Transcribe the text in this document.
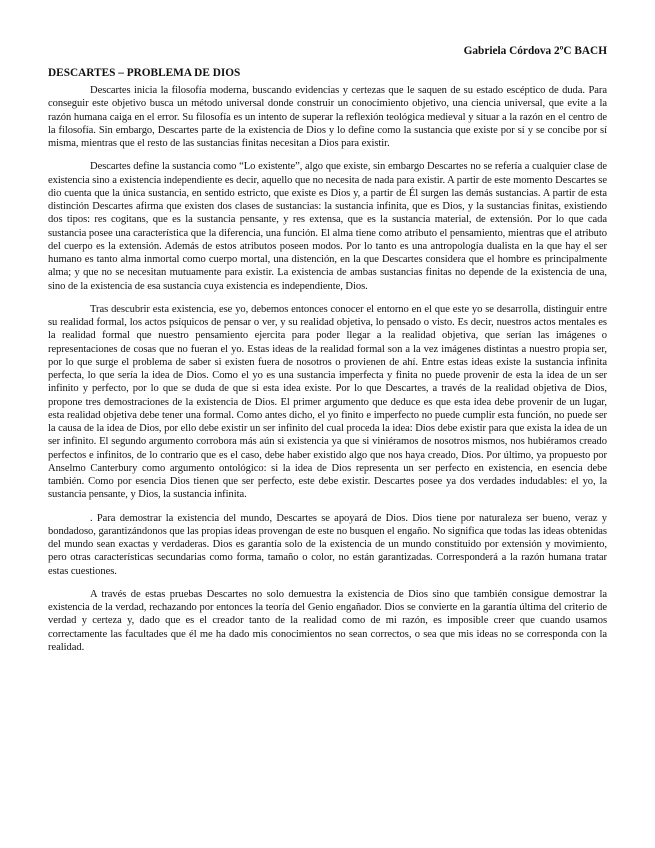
Gabriela Córdova 2ºC BACH
DESCARTES – PROBLEMA DE DIOS

Descartes inicia la filosofía moderna, buscando evidencias y certezas que le saquen de su estado escéptico de duda. Para conseguir este objetivo busca un método universal donde construir un conocimiento objetivo, una ciencia universal, que evite a la razón humana caiga en el error. Su filosofía es un intento de superar la reflexión teológica medieval y situar a la razón en el centro de la filosofía. Sin embargo, Descartes parte de la existencia de Dios y lo define como la sustancia que existe por sí y se concibe por sí misma, mientras que el resto de las sustancias finitas necesitan a Dios para existir.

Descartes define la sustancia como “Lo existente”, algo que existe, sin embargo Descartes no se refería a cualquier clase de existencia sino a existencia independiente es decir, aquello que no necesita de nada para existir. A partir de este momento Descartes se dio cuenta que la única sustancia, en sentido estricto, que existe es Dios y, a partir de Él surgen las demás sustancias. A partir de esta distinción Descartes afirma que existen dos clases de sustancias: la sustancia infinita, que es Dios, y la sustancias finitas, existiendo dos tipos: res cogitans, que es la sustancia pensante, y res extensa, que es la sustancia material, de extensión. Por lo que cada sustancia posee una característica que la diferencia, una función. El alma tiene como atributo el pensamiento, mientras que el atributo del cuerpo es la extensión. Además de estos atributos poseen modos. Por lo tanto es una antropología dualista en la que hay el ser humano es tanto alma inmortal como cuerpo mortal, una distención, en la que Descartes considera que el hombre es principalmente alma; y que no se necesitan mutuamente para existir. La existencia de ambas sustancias finitas no depende de la existencia de una, sino de la existencia de esa sustancia cuya existencia es independiente, Dios.

Tras descubrir esta existencia, ese yo, debemos entonces conocer el entorno en el que este yo se desarrolla, distinguir entre su realidad formal, los actos psíquicos de pensar o ver, y su realidad objetiva, lo pensado o visto. Es decir, nuestros actos mentales es la realidad formal que nuestro pensamiento ejercita para poder llegar a la realidad objetiva, que serían las imágenes o representaciones de cosas que no fueran el yo. Estas ideas de la realidad formal son a la vez imágenes distintas a nuestro propia ser, por lo que surge el problema de saber si existen fuera de nosotros o provienen de ahí. Entre estas ideas existe la sustancia infinita perfecta, lo que sería la idea de Dios. Como el yo es una sustancia imperfecta y finita no puede provenir de esta la idea de un ser infinito y perfecto, por lo que se duda de que si esta idea existe. Por lo que Descartes, a través de la realidad objetiva de Dios, propone tres demostraciones de la existencia de Dios. El primer argumento que deduce es que esta idea debe provenir de un lugar, esta realidad objetiva debe tener una formal. Como antes dicho, el yo finito e imperfecto no puede cumplir esta función, no puede ser la causa de la idea de Dios, por ello debe existir un ser infinito del cual proceda la idea: Dios debe existir para que exista la idea de un ser infinito. El segundo argumento corrobora más aún si existencia ya que si viniéramos de nosotros mismos, nos hubiéramos creado perfectos e infinitos, de lo contrario que es el caso, debe haber existido algo que nos haya creado, Dios. Por último, ya propuesto por Anselmo Canterbury como argumento ontológico: si la idea de Dios representa un ser perfecto en existencia, en esencia debe también. Como por esencia Dios tienen que ser perfecto, este debe existir. Descartes posee ya dos verdades indudables: el yo, la sustancia pensante, y Dios, la sustancia infinita.

. Para demostrar la existencia del mundo, Descartes se apoyará de Dios. Dios tiene por naturaleza ser bueno, veraz y bondadoso, garantizándonos que las propias ideas provengan de este no busquen el engaño. No significa que todas las ideas obtenidas del mundo sean exactas y verdaderas. Dios es garantía solo de la existencia de un mundo constituido por extensión y movimiento, pero otras características secundarias como forma, tamaño o color, no están garantizadas. Corresponderá a la razón humana tratar estas cuestiones.

A través de estas pruebas Descartes no solo demuestra la existencia de Dios sino que también consigue demostrar la existencia de la verdad, rechazando por entonces la teoría del Genio engañador. Dios se convierte en la garantía última del criterio de verdad y certeza y, dado que es el creador tanto de la realidad como de mi razón, es imposible creer que cuando usamos correctamente las facultades que él me ha dado mis conocimientos no sean correctos, o sea que mis ideas no se corresponda con la realidad.
